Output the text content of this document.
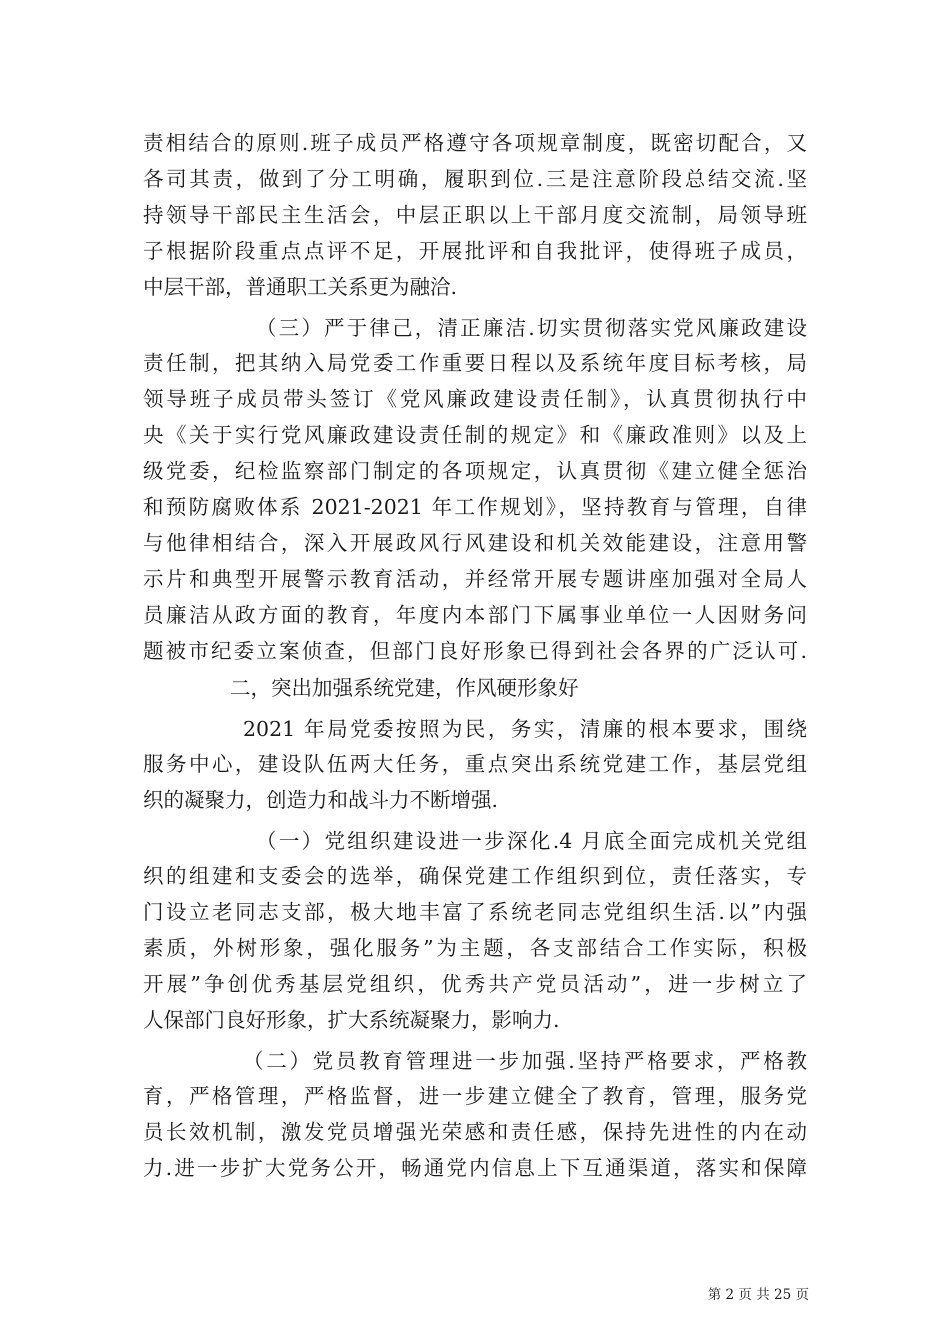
责相结合的原则.班子成员严格遵守各项规章制度，既密切配合，又
各司其责，做到了分工明确，履职到位.三是注意阶段总结交流.坚
持领导干部民主生活会，中层正职以上干部月度交流制，局领导班
子根据阶段重点点评不足，开展批评和自我批评，使得班子成员，
中层干部，普通职工关系更为融洽.
（三）严于律己，清正廉洁.切实贯彻落实党风廉政建设
责任制，把其纳入局党委工作重要日程以及系统年度目标考核，局
领导班子成员带头签订《党风廉政建设责任制》，认真贯彻执行中
央《关于实行党风廉政建设责任制的规定》和《廉政准则》以及上
级党委，纪检监察部门制定的各项规定，认真贯彻《建立健全惩治
和预防腐败体系 2021-2021 年工作规划》，坚持教育与管理，自律
与他律相结合，深入开展政风行风建设和机关效能建设，注意用警
示片和典型开展警示教育活动，并经常开展专题讲座加强对全局人
员廉洁从政方面的教育，年度内本部门下属事业单位一人因财务问
题被市纪委立案侦查，但部门良好形象已得到社会各界的广泛认可.
二，突出加强系统党建，作风硬形象好
2021 年局党委按照为民，务实，清廉的根本要求，围绕
服务中心，建设队伍两大任务，重点突出系统党建工作，基层党组
织的凝聚力，创造力和战斗力不断增强.
（一）党组织建设进一步深化.4 月底全面完成机关党组
织的组建和支委会的选举，确保党建工作组织到位，责任落实，专
门设立老同志支部，极大地丰富了系统老同志党组织生活.以”内强
素质，外树形象，强化服务”为主题，各支部结合工作实际，积极
开展”争创优秀基层党组织，优秀共产党员活动”，进一步树立了
人保部门良好形象，扩大系统凝聚力，影响力.
（二）党员教育管理进一步加强.坚持严格要求，严格教
育，严格管理，严格监督，进一步建立健全了教育，管理，服务党
员长效机制，激发党员增强光荣感和责任感，保持先进性的内在动
力.进一步扩大党务公开，畅通党内信息上下互通渠道，落实和保障
第 2 页 共 25 页
